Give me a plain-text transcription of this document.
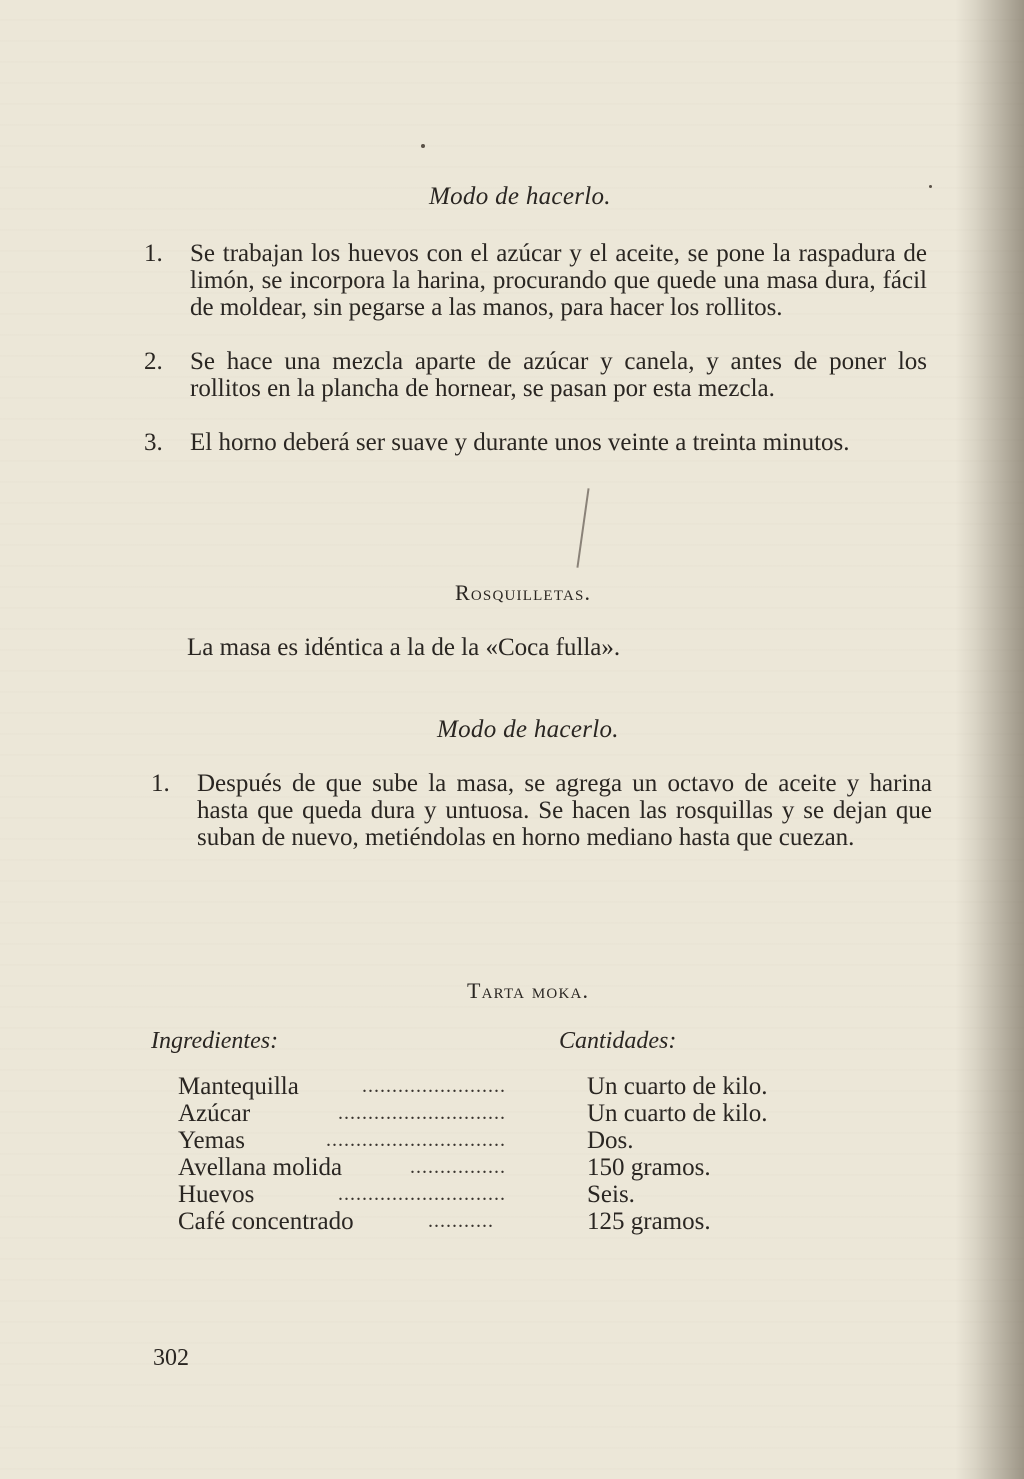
Modo de hacerlo.
1. Se trabajan los huevos con el azúcar y el aceite, se pone la raspadura de limón, se incorpora la harina, procurando que quede una masa dura, fácil de moldear, sin pegarse a las manos, para hacer los rollitos.
2. Se hace una mezcla aparte de azúcar y canela, y antes de poner los rollitos en la plancha de hornear, se pasan por esta mezcla.
3. El horno deberá ser suave y durante unos veinte a treinta minutos.
Rosquilletas.
La masa es idéntica a la de la «Coca fulla».
Modo de hacerlo.
1. Después de que sube la masa, se agrega un octavo de aceite y harina hasta que queda dura y untuosa. Se hacen las rosquillas y se dejan que suban de nuevo, metiéndolas en horno mediano hasta que cuezan.
Tarta moka.
Ingredientes:	Cantidades:
Mantequilla	........................	Un cuarto de kilo.
Azúcar	............................	Un cuarto de kilo.
Yemas	..............................	Dos.
Avellana molida	................	150 gramos.
Huevos	............................	Seis.
Café concentrado	...........	125 gramos.
302
